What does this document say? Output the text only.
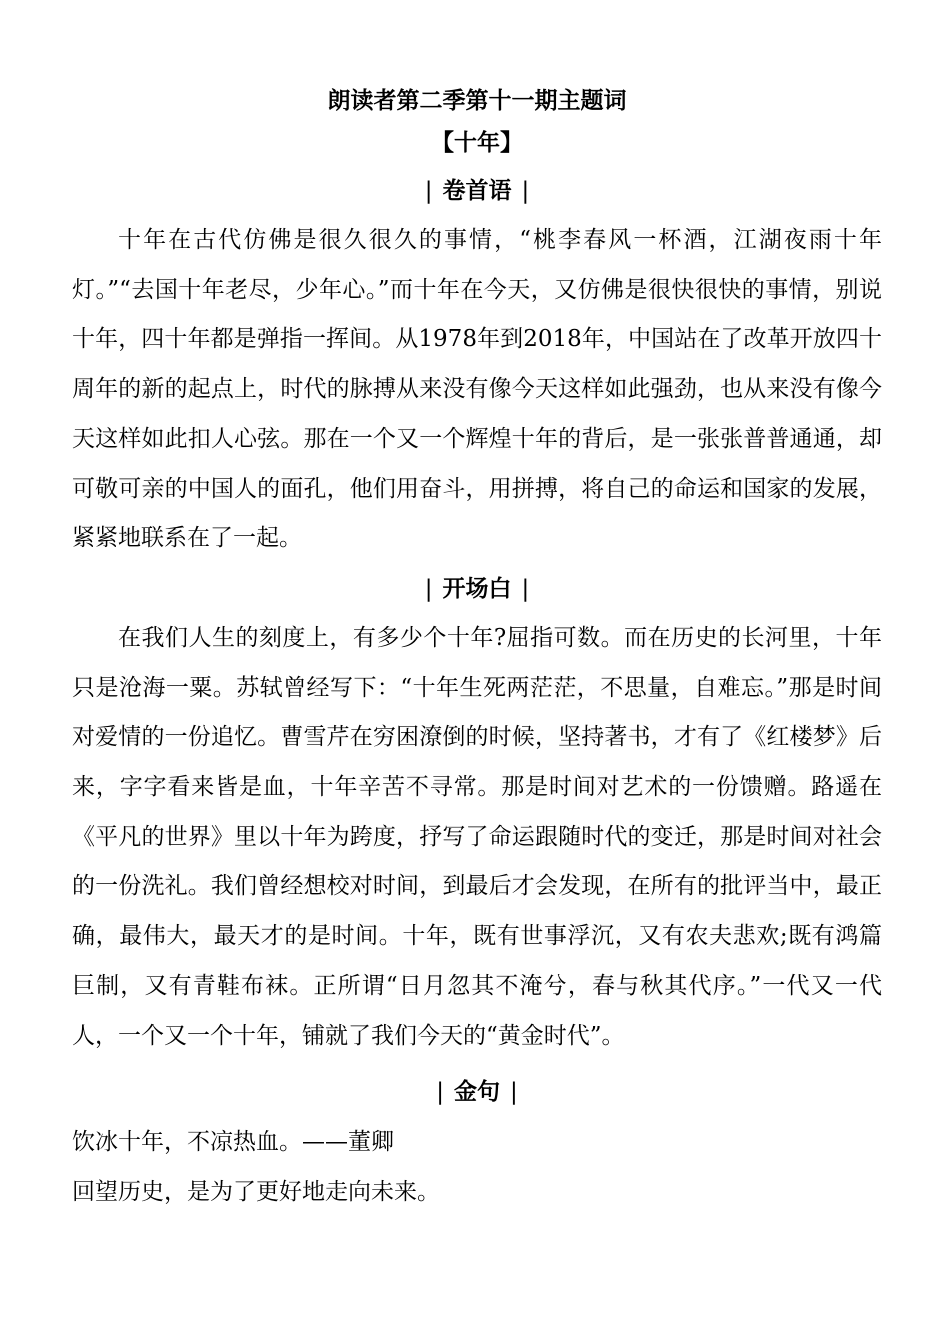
朗读者第二季第十一期主题词
【十年】
| 卷首语 |

十年在古代仿佛是很久很久的事情，“桃李春风一杯酒，江湖夜雨十年灯。”“去国十年老尽，少年心。”而十年在今天，又仿佛是很快很快的事情，别说十年，四十年都是弹指一挥间。从1978年到2018年，中国站在了改革开放四十周年的新的起点上，时代的脉搏从来没有像今天这样如此强劲，也从来没有像今天这样如此扣人心弦。那在一个又一个辉煌十年的背后，是一张张普普通通，却可敬可亲的中国人的面孔，他们用奋斗，用拼搏，将自己的命运和国家的发展，紧紧地联系在了一起。

| 开场白 |

在我们人生的刻度上，有多少个十年?屈指可数。而在历史的长河里，十年只是沧海一粟。苏轼曾经写下：“十年生死两茫茫，不思量，自难忘。”那是时间对爱情的一份追忆。曹雪芹在穷困潦倒的时候，坚持著书，才有了《红楼梦》后来，字字看来皆是血，十年辛苦不寻常。那是时间对艺术的一份馈赠。路遥在《平凡的世界》里以十年为跨度，抒写了命运跟随时代的变迁，那是时间对社会的一份洗礼。我们曾经想校对时间，到最后才会发现，在所有的批评当中，最正确，最伟大，最天才的是时间。十年，既有世事浮沉，又有农夫悲欢;既有鸿篇巨制，又有青鞋布袜。正所谓“日月忽其不淹兮，春与秋其代序。”一代又一代人，一个又一个十年，铺就了我们今天的“黄金时代”。

| 金句 |

饮冰十年，不凉热血。——董卿

回望历史，是为了更好地走向未来。
